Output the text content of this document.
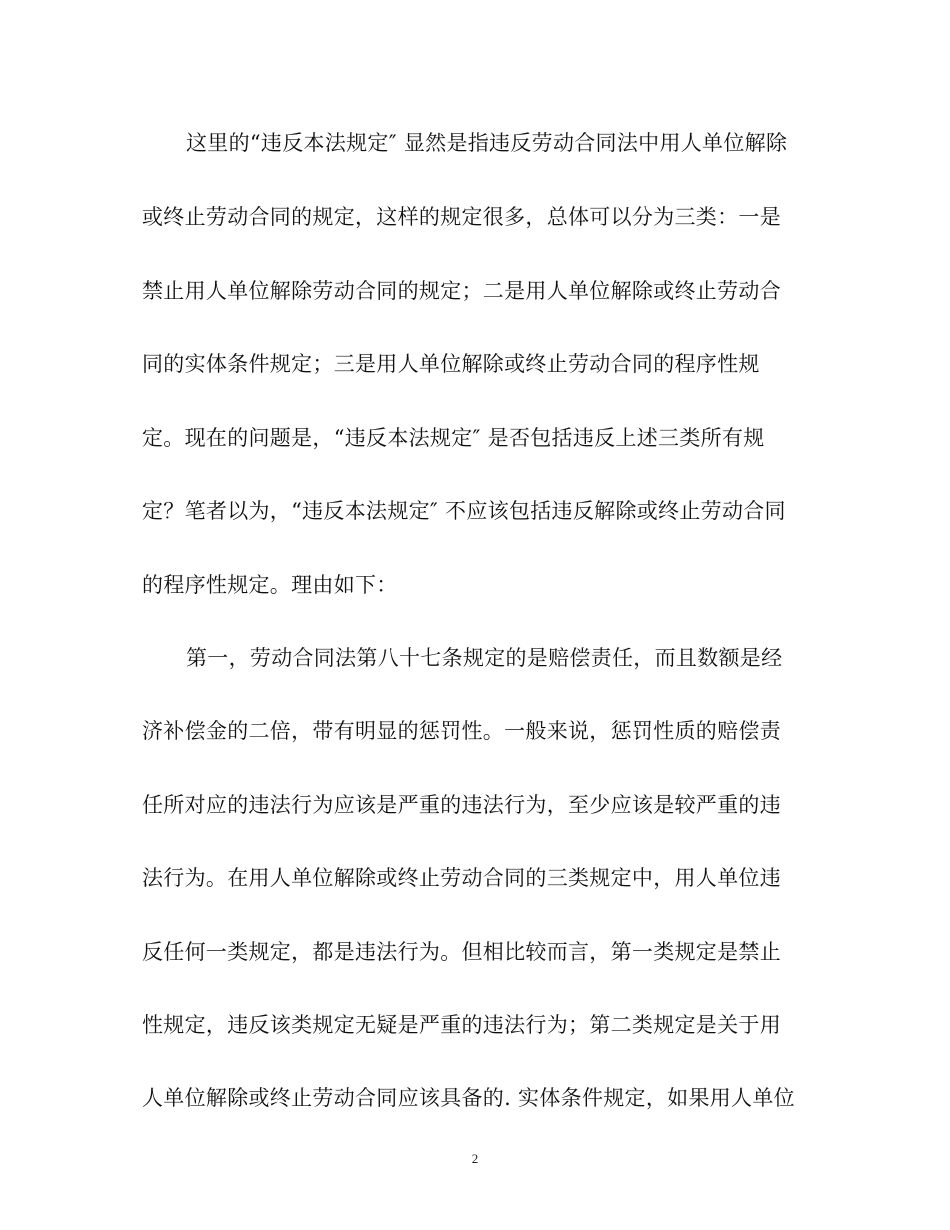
这里的“违反本法规定″ 显然是指违反劳动合同法中用人单位解除
或终止劳动合同的规定，这样的规定很多，总体可以分为三类：一是
禁止用人单位解除劳动合同的规定；二是用人单位解除或终止劳动合
同的实体条件规定；三是用人单位解除或终止劳动合同的程序性规
定。现在的问题是，“违反本法规定″ 是否包括违反上述三类所有规
定？笔者以为，“违反本法规定″ 不应该包括违反解除或终止劳动合同
的程序性规定。理由如下：
第一，劳动合同法第八十七条规定的是赔偿责任，而且数额是经
济补偿金的二倍，带有明显的惩罚性。一般来说，惩罚性质的赔偿责
任所对应的违法行为应该是严重的违法行为，至少应该是较严重的违
法行为。在用人单位解除或终止劳动合同的三类规定中，用人单位违
反任何一类规定，都是违法行为。但相比较而言，第一类规定是禁止
性规定，违反该类规定无疑是严重的违法行为；第二类规定是关于用
人单位解除或终止劳动合同应该具备的. 实体条件规定，如果用人单位
2
